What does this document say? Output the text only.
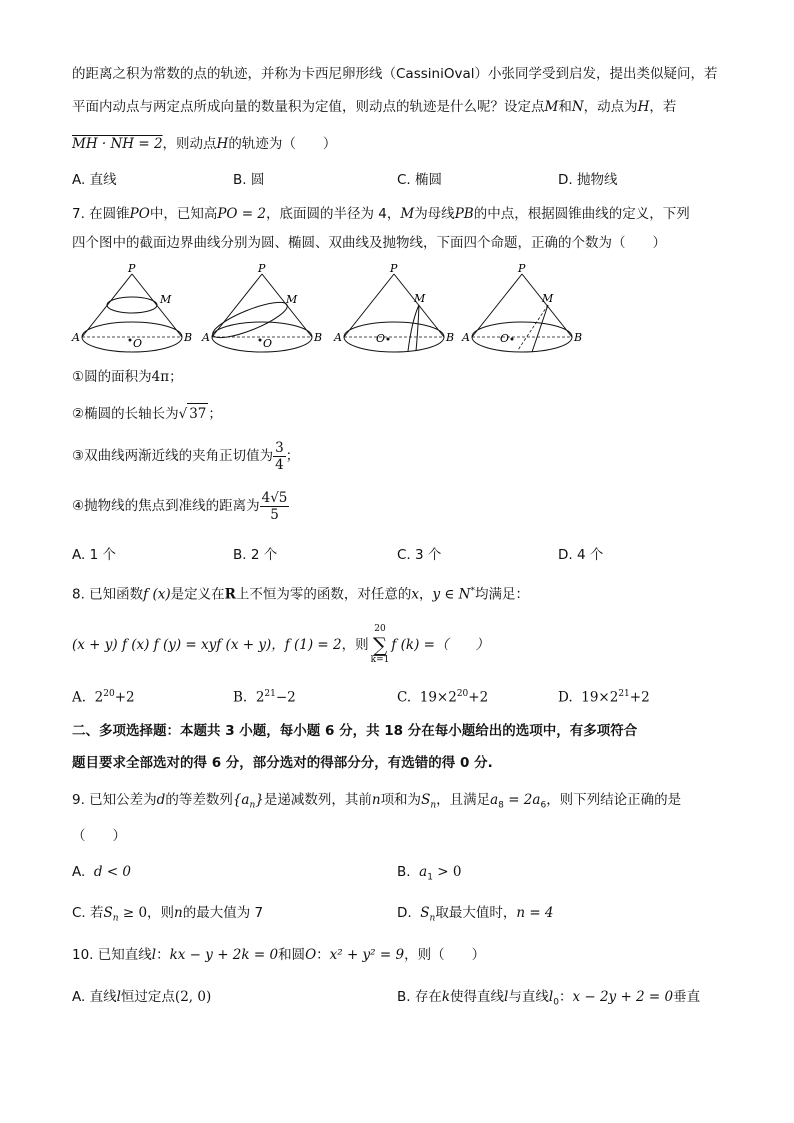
的距离之积为常数的点的轨迹，并称为卡西尼卵形线（CassiniOval）小张同学受到启发，提出类似疑问，若
平面内动点与两定点所成向量的数量积为定值，则动点的轨迹是什么呢？设定点M和N，动点为H，若
MH · NH = 2，则动点H的轨迹为（　　）
A. 直线	B. 圆	C. 椭圆	D. 抛物线
7. 在圆锥PO中，已知高PO = 2，底面圆的半径为 4，M为母线PB的中点，根据圆锥曲线的定义，下列
四个图中的截面边界曲线分别为圆、椭圆、双曲线及抛物线，下面四个命题，正确的个数为（　　）
P
M
A	B
O
P
M
A	B
O
P
M
A	B
O
P
M
A	B
O
①圆的面积为4π；
②椭圆的长轴长为√ 37 ；
③双曲线两渐近线的夹角正切值为 $\frac{3}{4}$ ；
④抛物线的焦点到准线的距离为 $\frac{4√5}{5}$
A. 1 个	B. 2 个	C. 3 个	D. 4 个
8. 已知函数f (x)是定义在R上不恒为零的函数，对任意的x，y ∈ N*均满足：
(x + y) f (x) f (y) = xyf (x + y)，f (1) = 2，则
20
∑
k=1
f (k) =（　　）
A. $2^{20}+2$	B. $2^{21}-2$	C. $19\times 2^{20}+2$	D. $19\times 2^{21}+2$
二、多项选择题：本题共 3 小题，每小题 6 分，共 18 分在每小题给出的选项中，有多项符合
题目要求全部选对的得 6 分，部分选对的得部分分，有选错的得 0 分.
9. 已知公差为d的等差数列$\{a_n\}$是递减数列，其前n项和为$S_n$，且满足$a_8 = 2a_6$，则下列结论正确的是
（　　）
A. d < 0	B. $a_1 > 0$
C. 若$S_n \ge 0$，则n的最大值为 7	D. $S_n$取最大值时，n = 4
10. 已知直线l：kx − y + 2k = 0和圆O：x² + y² = 9，则（　　）
A. 直线l恒过定点(2, 0)	B. 存在k使得直线l与直线$l_0$：x − 2y + 2 = 0垂直
